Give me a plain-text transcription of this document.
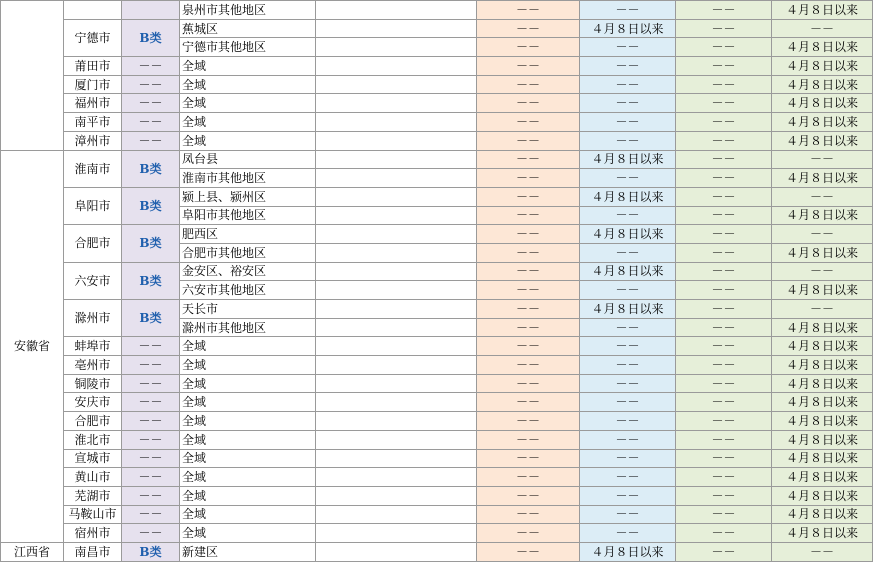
			泉州市其他地区		－－	－－	－－	４月８日以来
	宁德市	B类	蕉城区		－－	４月８日以来	－－	－－
			宁德市其他地区		－－	－－	－－	４月８日以来
	莆田市	－－	全域		－－	－－	－－	４月８日以来
	厦门市	－－	全域		－－	－－	－－	４月８日以来
	福州市	－－	全域		－－	－－	－－	４月８日以来
	南平市	－－	全域		－－	－－	－－	４月８日以来
	漳州市	－－	全域		－－	－－	－－	４月８日以来
安徽省	淮南市	B类	凤台县		－－	４月８日以来	－－	－－
			淮南市其他地区		－－	－－	－－	４月８日以来
	阜阳市	B类	颍上县、颍州区		－－	４月８日以来	－－	－－
			阜阳市其他地区		－－	－－	－－	４月８日以来
	合肥市	B类	肥西区		－－	４月８日以来	－－	－－
			合肥市其他地区		－－	－－	－－	４月８日以来
	六安市	B类	金安区、裕安区		－－	４月８日以来	－－	－－
			六安市其他地区		－－	－－	－－	４月８日以来
	滁州市	B类	天长市		－－	４月８日以来	－－	－－
			滁州市其他地区		－－	－－	－－	４月８日以来
	蚌埠市	－－	全域		－－	－－	－－	４月８日以来
	亳州市	－－	全域		－－	－－	－－	４月８日以来
	铜陵市	－－	全域		－－	－－	－－	４月８日以来
	安庆市	－－	全域		－－	－－	－－	４月８日以来
	合肥市	－－	全域		－－	－－	－－	４月８日以来
	淮北市	－－	全域		－－	－－	－－	４月８日以来
	宣城市	－－	全域		－－	－－	－－	４月８日以来
	黄山市	－－	全域		－－	－－	－－	４月８日以来
	芜湖市	－－	全域		－－	－－	－－	４月８日以来
	马鞍山市	－－	全域		－－	－－	－－	４月８日以来
	宿州市	－－	全域		－－	－－	－－	４月８日以来
江西省	南昌市	B类	新建区		－－	４月８日以来	－－	－－
